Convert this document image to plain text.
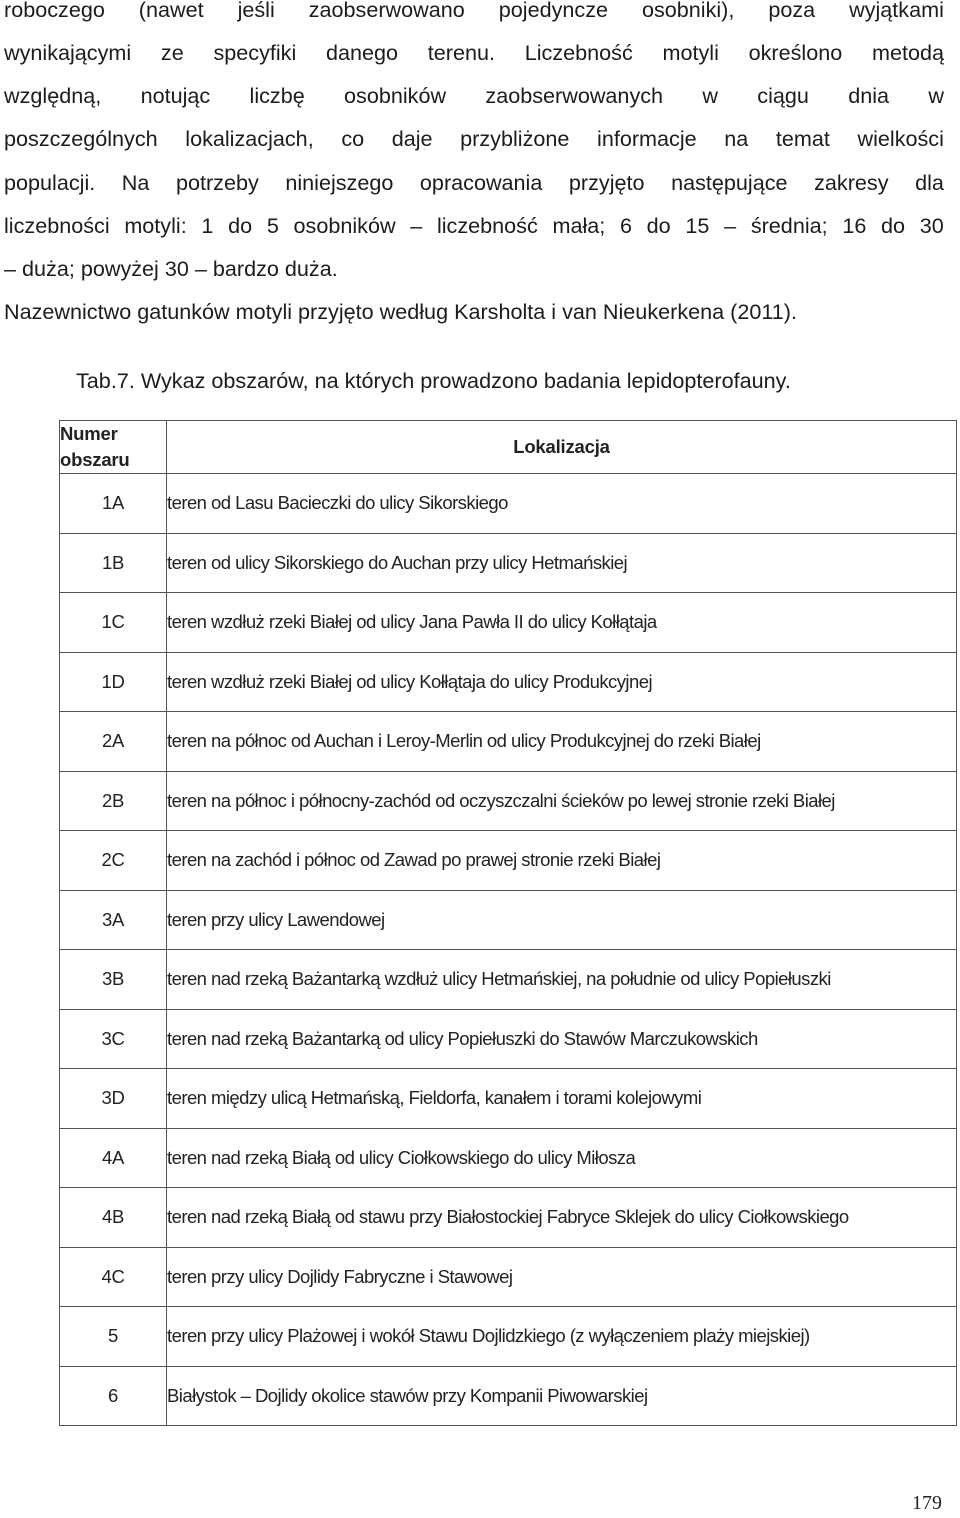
roboczego (nawet jeśli zaobserwowano pojedyncze osobniki), poza wyjątkami
wynikającymi ze specyfiki danego terenu. Liczebność motyli określono metodą
względną, notując liczbę osobników zaobserwowanych w ciągu dnia w
poszczególnych lokalizacjach, co daje przybliżone informacje na temat wielkości
populacji. Na potrzeby niniejszego opracowania przyjęto następujące zakresy dla
liczebności motyli: 1 do 5 osobników – liczebność mała; 6 do 15 – średnia; 16 do 30
– duża; powyżej 30 – bardzo duża.
Nazewnictwo gatunków motyli przyjęto według Karsholta i van Nieukerkena (2011).
Tab.7. Wykaz obszarów, na których prowadzono badania lepidopterofauny.
Numer
obszaru	Lokalizacja
1A	teren od Lasu Bacieczki do ulicy Sikorskiego
1B	teren od ulicy Sikorskiego do Auchan przy ulicy Hetmańskiej
1C	teren wzdłuż rzeki Białej od ulicy Jana Pawła II do ulicy Kołłątaja
1D	teren wzdłuż rzeki Białej od ulicy Kołłątaja do ulicy Produkcyjnej
2A	teren na północ od Auchan i Leroy-Merlin od ulicy Produkcyjnej do rzeki Białej
2B	teren na północ i północny-zachód od oczyszczalni ścieków po lewej stronie rzeki Białej
2C	teren na zachód i północ od Zawad po prawej stronie rzeki Białej
3A	teren przy ulicy Lawendowej
3B	teren nad rzeką Bażantarką wzdłuż ulicy Hetmańskiej, na południe od ulicy Popiełuszki
3C	teren nad rzeką Bażantarką od ulicy Popiełuszki do Stawów Marczukowskich
3D	teren między ulicą Hetmańską, Fieldorfa, kanałem i torami kolejowymi
4A	teren nad rzeką Białą od ulicy Ciołkowskiego do ulicy Miłosza
4B	teren nad rzeką Białą od stawu przy Białostockiej Fabryce Sklejek do ulicy Ciołkowskiego
4C	teren przy ulicy Dojlidy Fabryczne i Stawowej
5	teren przy ulicy Plażowej i wokół Stawu Dojlidzkiego (z wyłączeniem plaży miejskiej)
6	Białystok – Dojlidy okolice stawów przy Kompanii Piwowarskiej
179
